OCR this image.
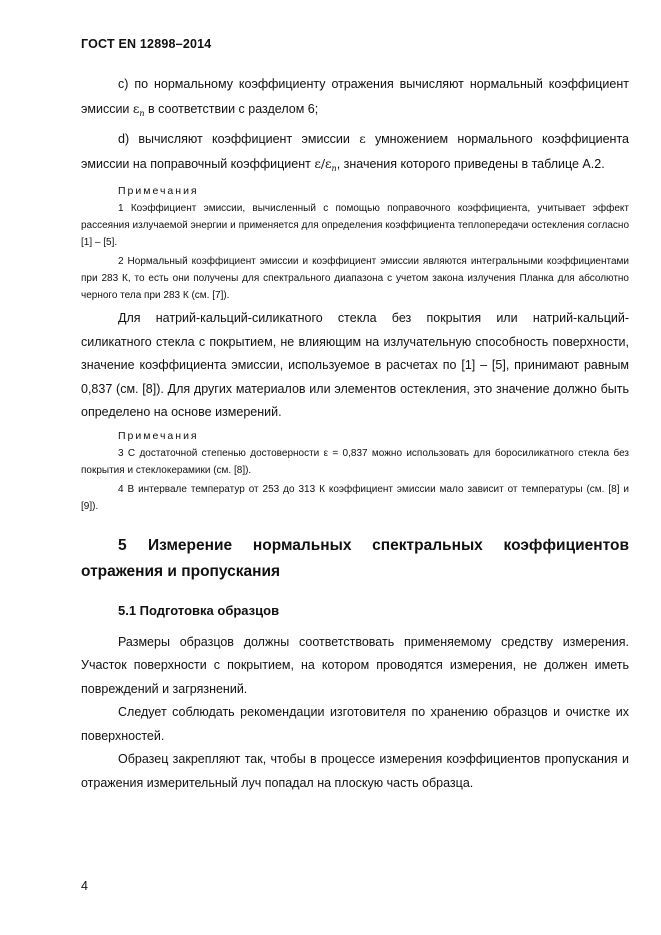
ГОСТ EN 12898–2014

c) по нормальному коэффициенту отражения вычисляют нормальный коэффициент эмиссии $\varepsilon_n$ в соответствии с разделом 6;

d) вычисляют коэффициент эмиссии ε умножением нормального коэффициента эмиссии на поправочный коэффициент $\varepsilon/\varepsilon_n$, значения которого приведены в таблице А.2.

Примечания

1 Коэффициент эмиссии, вычисленный с помощью поправочного коэффициента, учитывает эффект рассеяния излучаемой энергии и применяется для определения коэффициента теплопередачи остекления согласно [1] – [5].

2 Нормальный коэффициент эмиссии и коэффициент эмиссии являются интегральными коэффициентами при 283 К, то есть они получены для спектрального диапазона с учетом закона излучения Планка для абсолютно черного тела при 283 К (см. [7]).

Для натрий-кальций-силикатного стекла без покрытия или натрий-кальций-силикатного стекла с покрытием, не влияющим на излучательную способность поверхности, значение коэффициента эмиссии, используемое в расчетах по [1] – [5], принимают равным 0,837 (см. [8]). Для других материалов или элементов остекления, это значение должно быть определено на основе измерений.

Примечания

3 С достаточной степенью достоверности ε = 0,837 можно использовать для боросиликатного стекла без покрытия и стеклокерамики (см. [8]).

4 В интервале температур от 253 до 313 К коэффициент эмиссии мало зависит от температуры (см. [8] и [9]).

5 Измерение нормальных спектральных коэффициентов отражения и пропускания

5.1 Подготовка образцов

Размеры образцов должны соответствовать применяемому средству измерения. Участок поверхности с покрытием, на котором проводятся измерения, не должен иметь повреждений и загрязнений.

Следует соблюдать рекомендации изготовителя по хранению образцов и очистке их поверхностей.

Образец закрепляют так, чтобы в процессе измерения коэффициентов пропускания и отражения измерительный луч попадал на плоскую часть образца.

4
